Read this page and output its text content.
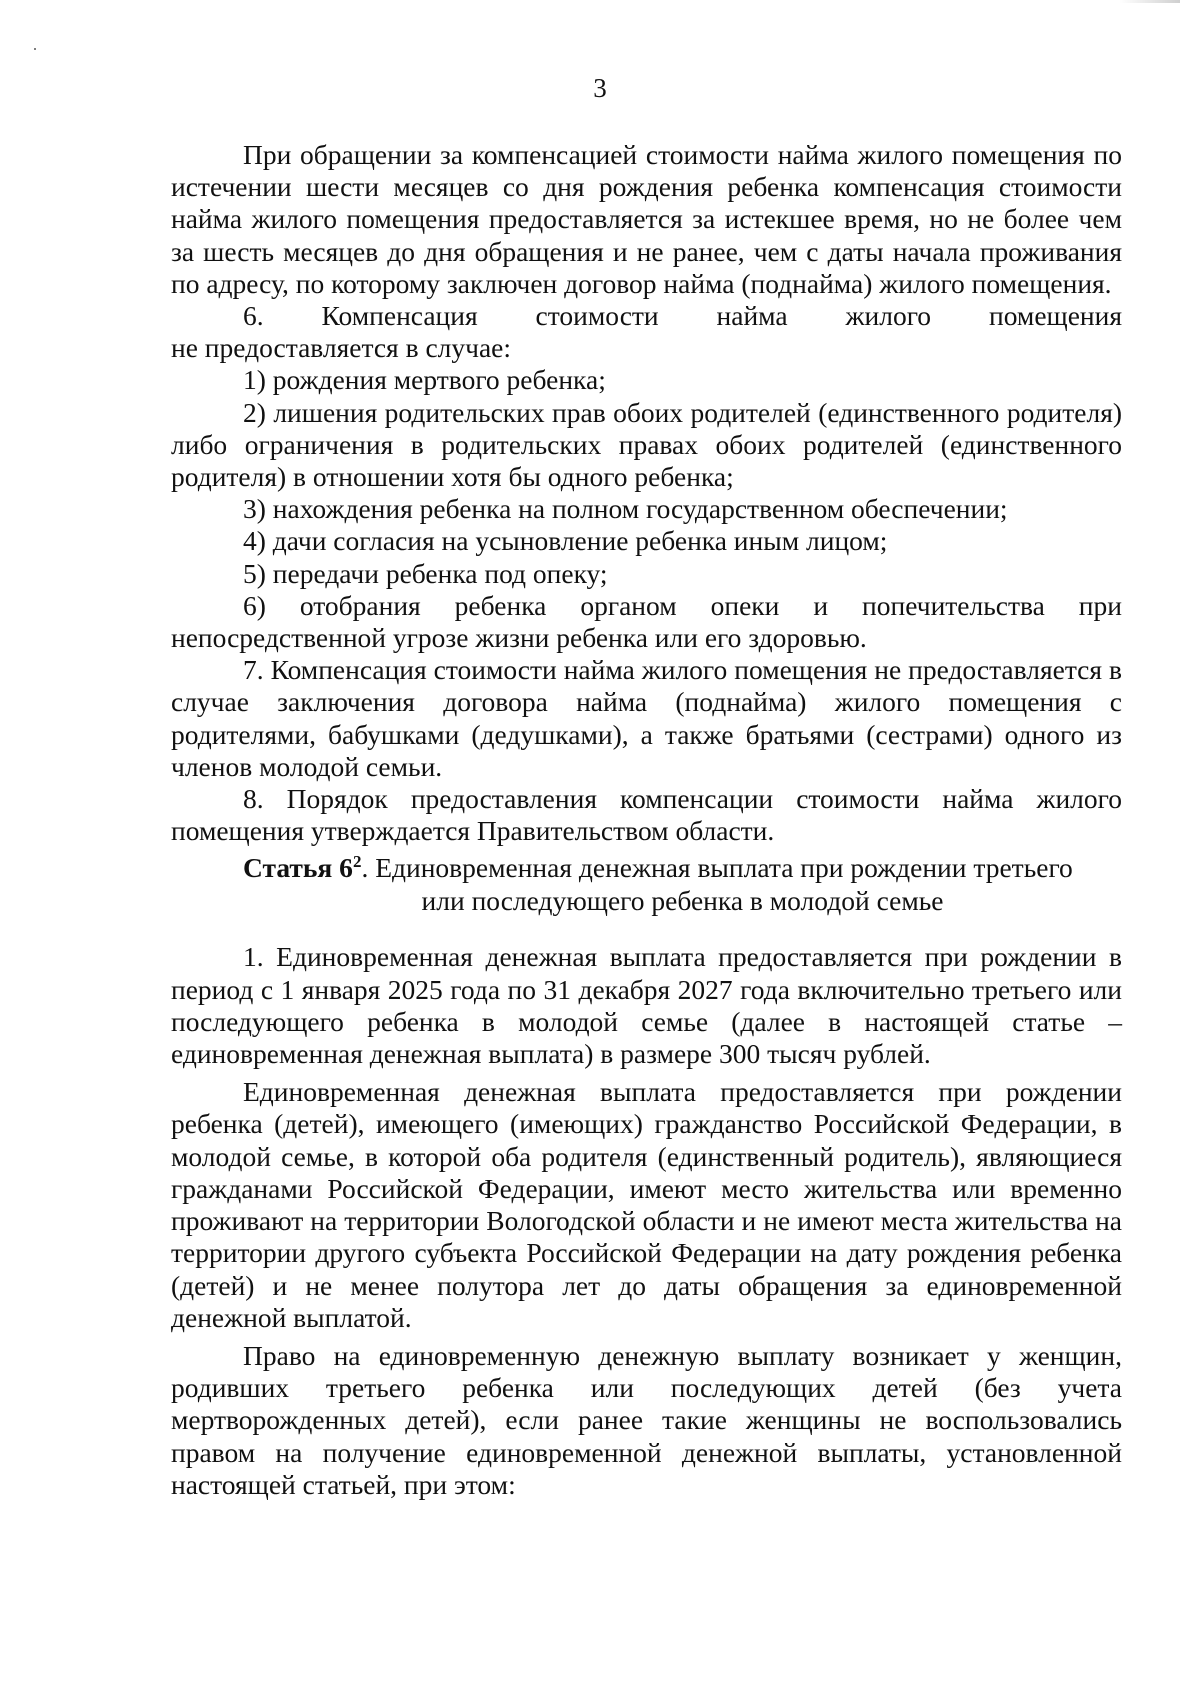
3

При обращении за компенсацией стоимости найма жилого помещения по истечении шести месяцев со дня рождения ребенка компенсация стоимости найма жилого помещения предоставляется за истекшее время, но не более чем за шесть месяцев до дня обращения и не ранее, чем с даты начала проживания по адресу, по которому заключен договор найма (поднайма) жилого помещения.

6. Компенсация стоимости найма жилого помещения

не предоставляется в случае:

1) рождения мертвого ребенка;

2) лишения родительских прав обоих родителей (единственного родителя) либо ограничения в родительских правах обоих родителей (единственного родителя) в отношении хотя бы одного ребенка;

3) нахождения ребенка на полном государственном обеспечении;

4) дачи согласия на усыновление ребенка иным лицом;

5) передачи ребенка под опеку;

6) отобрания ребенка органом опеки и попечительства при непосредственной угрозе жизни ребенка или его здоровью.

7. Компенсация стоимости найма жилого помещения не предоставляется в случае заключения договора найма (поднайма) жилого помещения с родителями, бабушками (дедушками), а также братьями (сестрами) одного из членов молодой семьи.

8. Порядок предоставления компенсации стоимости найма жилого помещения утверждается Правительством области.

Статья $6^2$. Единовременная денежная выплата при рождении третьего
или последующего ребенка в молодой семье

1. Единовременная денежная выплата предоставляется при рождении в период с 1 января 2025 года по 31 декабря 2027 года включительно третьего или последующего ребенка в молодой семье (далее в настоящей статье – единовременная денежная выплата) в размере 300 тысяч рублей.

Единовременная денежная выплата предоставляется при рождении ребенка (детей), имеющего (имеющих) гражданство Российской Федерации, в молодой семье, в которой оба родителя (единственный родитель), являющиеся гражданами Российской Федерации, имеют место жительства или временно проживают на территории Вологодской области и не имеют места жительства на территории другого субъекта Российской Федерации на дату рождения ребенка (детей) и не менее полутора лет до даты обращения за единовременной денежной выплатой.

Право на единовременную денежную выплату возникает у женщин, родивших третьего ребенка или последующих детей (без учета мертворожденных детей), если ранее такие женщины не воспользовались правом на получение единовременной денежной выплаты, установленной настоящей статьей, при этом:
